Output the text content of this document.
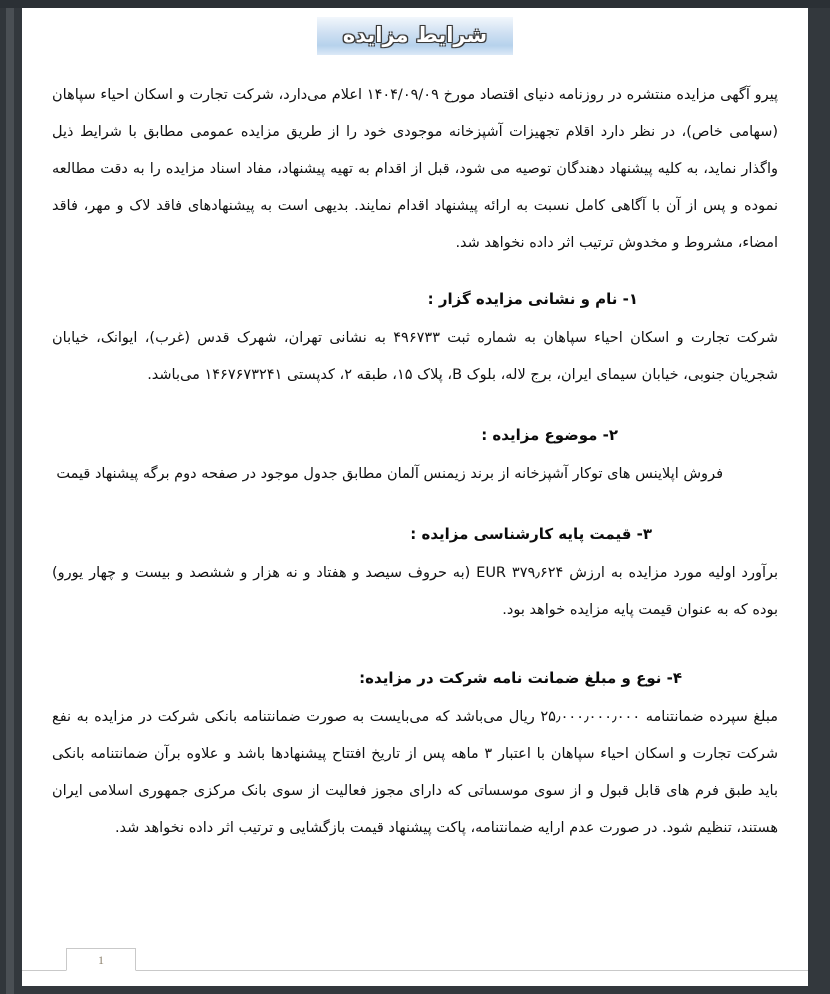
شرایط مزایده

پیرو آگهی مزایده منتشره در روزنامه دنیای اقتصاد مورخ ۱۴۰۴/۰۹/۰۹ اعلام می‌دارد، شرکت تجارت و اسکان احیاء سپاهان (سهامی خاص)، در نظر دارد اقلام تجهیزات آشپزخانه موجودی خود را از طریق مزایده عمومی مطابق با شرایط ذیل واگذار نماید، به کلیه پیشنهاد دهندگان توصیه می شود، قبل از اقدام به تهیه پیشنهاد، مفاد اسناد مزایده را به دقت مطالعه نموده و پس از آن با آگاهی کامل نسبت به ارائه پیشنهاد اقدام نمایند. بدیهی است به پیشنهادهای فاقد لاک و مهر، فاقد امضاء، مشروط و مخدوش ترتیب اثر داده نخواهد شد.

۱- نام و نشانی مزایده گزار :

شرکت تجارت و اسکان احیاء سپاهان به شماره ثبت ۴۹۶۷۳۳ به نشانی تهران، شهرک قدس (غرب)، ایوانک، خیابان شجریان جنوبی، خیابان سیمای ایران، برج لاله، بلوک B، پلاک ۱۵، طبقه ۲، کدپستی ۱۴۶۷۶۷۳۲۴۱ می‌باشد.

۲- موضوع مزایده :

فروش اپلاینس های توکار آشپزخانه از برند زیمنس آلمان مطابق جدول موجود در صفحه دوم برگه پیشنهاد قیمت

۳- قیمت پایه کارشناسی مزایده :

برآورد اولیه مورد مزایده به ارزش ۳۷۹٫۶۲۴ EUR (به حروف سیصد و هفتاد و نه هزار و ششصد و بیست و چهار یورو) بوده که به عنوان قیمت پایه مزایده خواهد بود.

۴- نوع و مبلغ ضمانت نامه شرکت در مزایده:

مبلغ سپرده ضمانتنامه ۲۵٫۰۰۰٫۰۰۰٫۰۰۰ ریال می‌باشد که می‌بایست به صورت ضمانتنامه بانکی شرکت در مزایده به نفع شرکت تجارت و اسکان احیاء سپاهان با اعتبار ۳ ماهه پس از تاریخ افتتاح پیشنهادها باشد و علاوه برآن ضمانتنامه بانکی باید طبق فرم های قابل قبول و از سوی موسساتی که دارای مجوز فعالیت از سوی بانک مرکزی جمهوری اسلامی ایران هستند، تنظیم شود. در صورت عدم ارایه ضمانتنامه، پاکت پیشنهاد قیمت بازگشایی و ترتیب اثر داده نخواهد شد.

1
